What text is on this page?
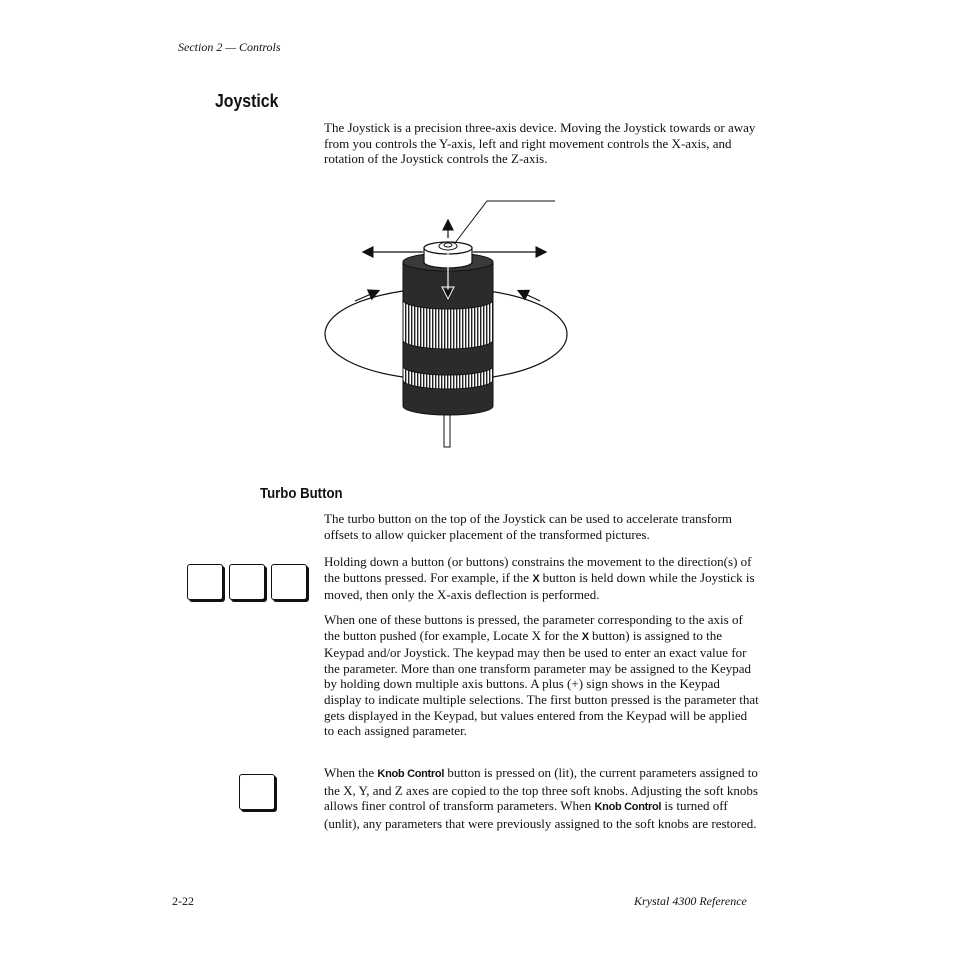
Section 2 — Controls
Joystick

The Joystick is a precision three-axis device. Moving the Joystick towards or away from you controls the Y-axis, left and right movement controls the X-axis, and rotation of the Joystick controls the Z-axis.

Turbo Button

The turbo button on the top of the Joystick can be used to accelerate transform offsets to allow quicker placement of the transformed pictures.

Holding down a button (or buttons) constrains the movement to the direction(s) of the buttons pressed. For example, if the X button is held down while the Joystick is moved, then only the X-axis deflection is performed.

When one of these buttons is pressed, the parameter corresponding to the axis of the button pushed (for example, Locate X for the X button) is assigned to the Keypad and/or Joystick. The keypad may then be used to enter an exact value for the parameter. More than one transform parameter may be assigned to the Keypad by holding down multiple axis buttons. A plus (+) sign shows in the Keypad display to indicate multiple selections. The first button pressed is the parameter that gets displayed in the Keypad, but values entered from the Keypad will be applied to each assigned parameter.

When the Knob Control button is pressed on (lit), the current parameters assigned to the X, Y, and Z axes are copied to the top three soft knobs. Adjusting the soft knobs allows finer control of transform parameters. When Knob Control is turned off (unlit), any parameters that were previously assigned to the soft knobs are restored.

2-22	Krystal 4300 Reference
